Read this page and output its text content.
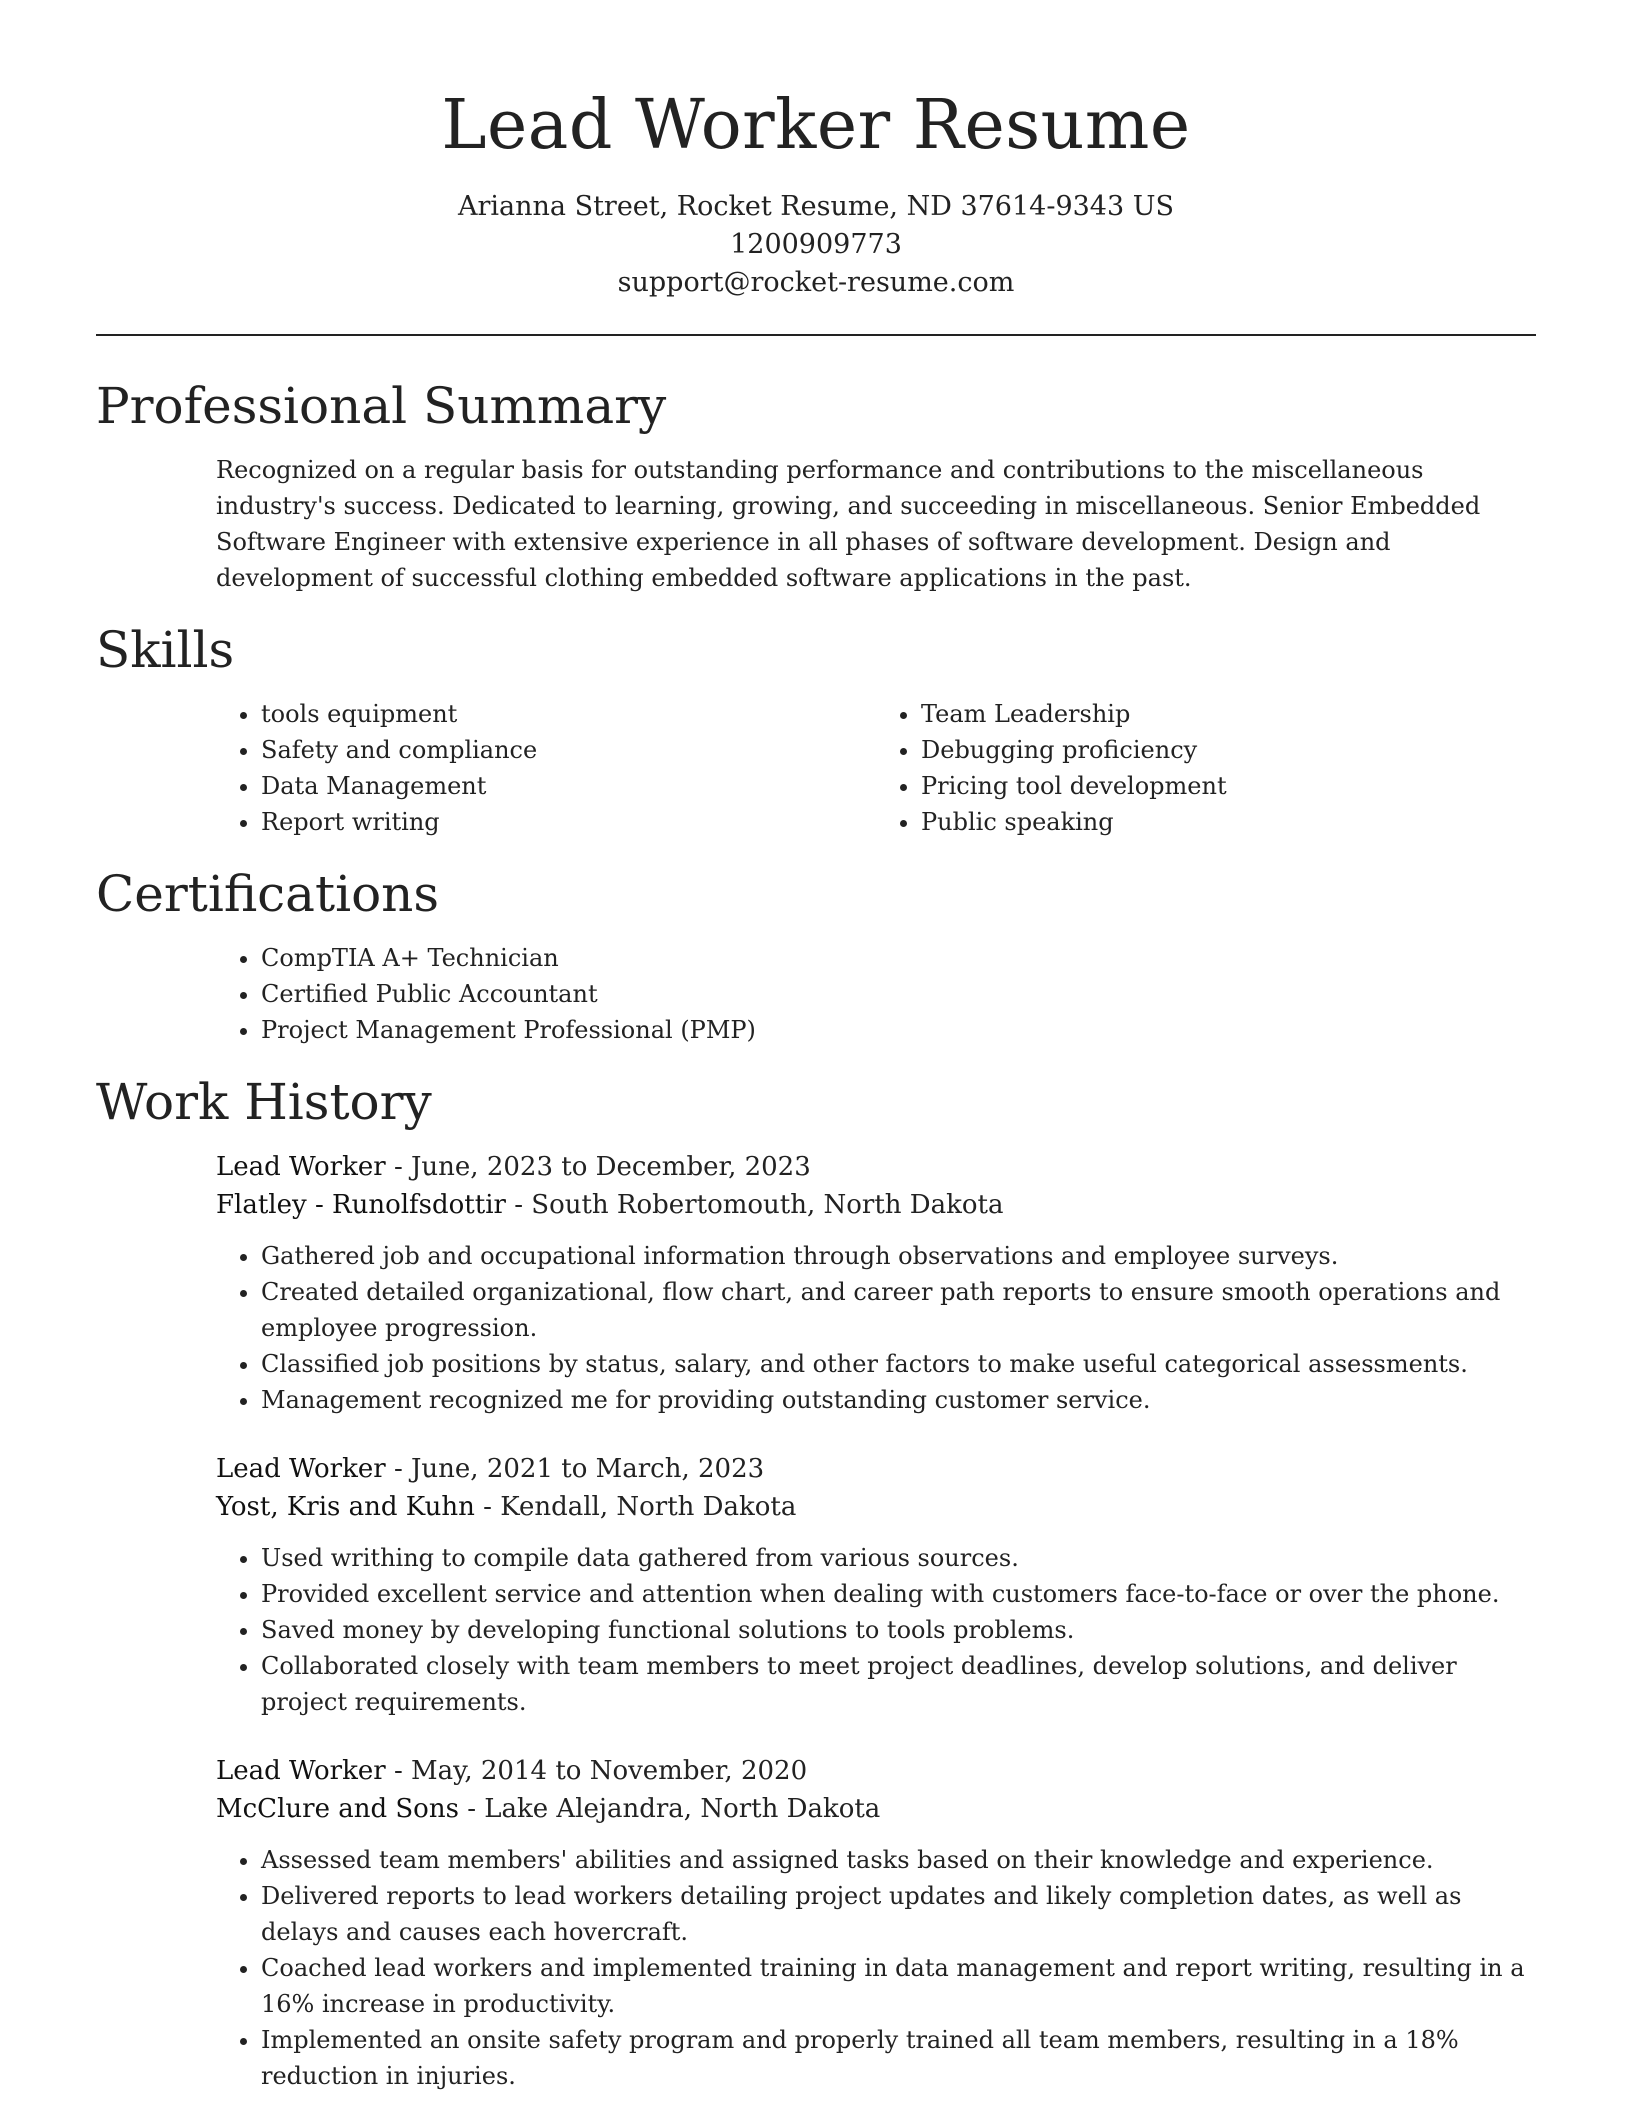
Lead Worker Resume
Arianna Street, Rocket Resume, ND 37614-9343 US
1200909773
support@rocket-resume.com
Professional Summary

Recognized on a regular basis for outstanding performance and contributions to the miscellaneous industry's success. Dedicated to learning, growing, and succeeding in miscellaneous. Senior Embedded Software Engineer with extensive experience in all phases of software development. Design and development of successful clothing embedded software applications in the past.

Skills
• tools equipment
• Safety and compliance
• Data Management
• Report writing
• Team Leadership
• Debugging proficiency
• Pricing tool development
• Public speaking
Certifications
• CompTIA A+ Technician
• Certified Public Accountant
• Project Management Professional (PMP)
Work History

Lead Worker - June, 2023 to December, 2023

Flatley - Runolfsdottir - South Robertomouth, North Dakota

• Gathered job and occupational information through observations and employee surveys.
• Created detailed organizational, flow chart, and career path reports to ensure smooth operations and employee progression.
• Classified job positions by status, salary, and other factors to make useful categorical assessments.
• Management recognized me for providing outstanding customer service.

Lead Worker - June, 2021 to March, 2023

Yost, Kris and Kuhn - Kendall, North Dakota

• Used writhing to compile data gathered from various sources.
• Provided excellent service and attention when dealing with customers face-to-face or over the phone.
• Saved money by developing functional solutions to tools problems.
• Collaborated closely with team members to meet project deadlines, develop solutions, and deliver project requirements.

Lead Worker - May, 2014 to November, 2020

McClure and Sons - Lake Alejandra, North Dakota

• Assessed team members' abilities and assigned tasks based on their knowledge and experience.
• Delivered reports to lead workers detailing project updates and likely completion dates, as well as delays and causes each hovercraft.
• Coached lead workers and implemented training in data management and report writing, resulting in a 16% increase in productivity.
• Implemented an onsite safety program and properly trained all team members, resulting in a 18% reduction in injuries.
